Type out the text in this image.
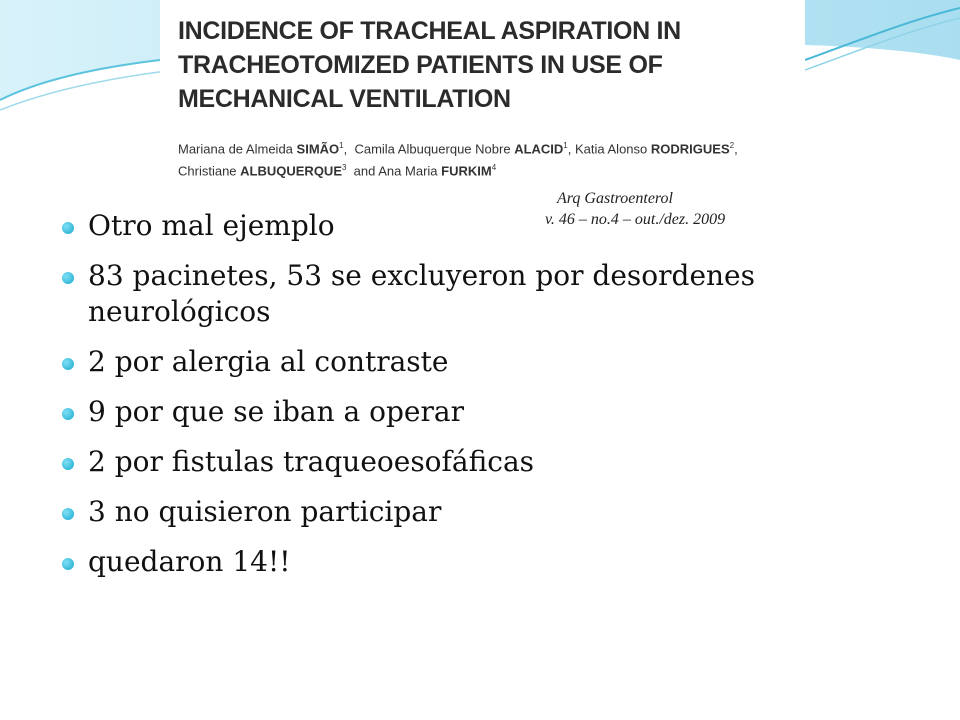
INCIDENCE OF TRACHEAL ASPIRATION IN
TRACHEOTOMIZED PATIENTS IN USE OF
MECHANICAL VENTILATION
Mariana de Almeida SIMÃO$^1$,  Camila Albuquerque Nobre ALACID$^1$, Katia Alonso RODRIGUES$^2$,
Christiane ALBUQUERQUE$^3$  and Ana Maria FURKIM$^4$
Arq Gastroenterol
v. 46 – no.4 – out./dez. 2009
Otro mal ejemplo
83 pacinetes, 53 se excluyeron por desordenes neurológicos
2 por alergia al contraste
9 por que se iban a operar
2 por fistulas traqueoesofáficas
3 no quisieron participar
quedaron 14!!
